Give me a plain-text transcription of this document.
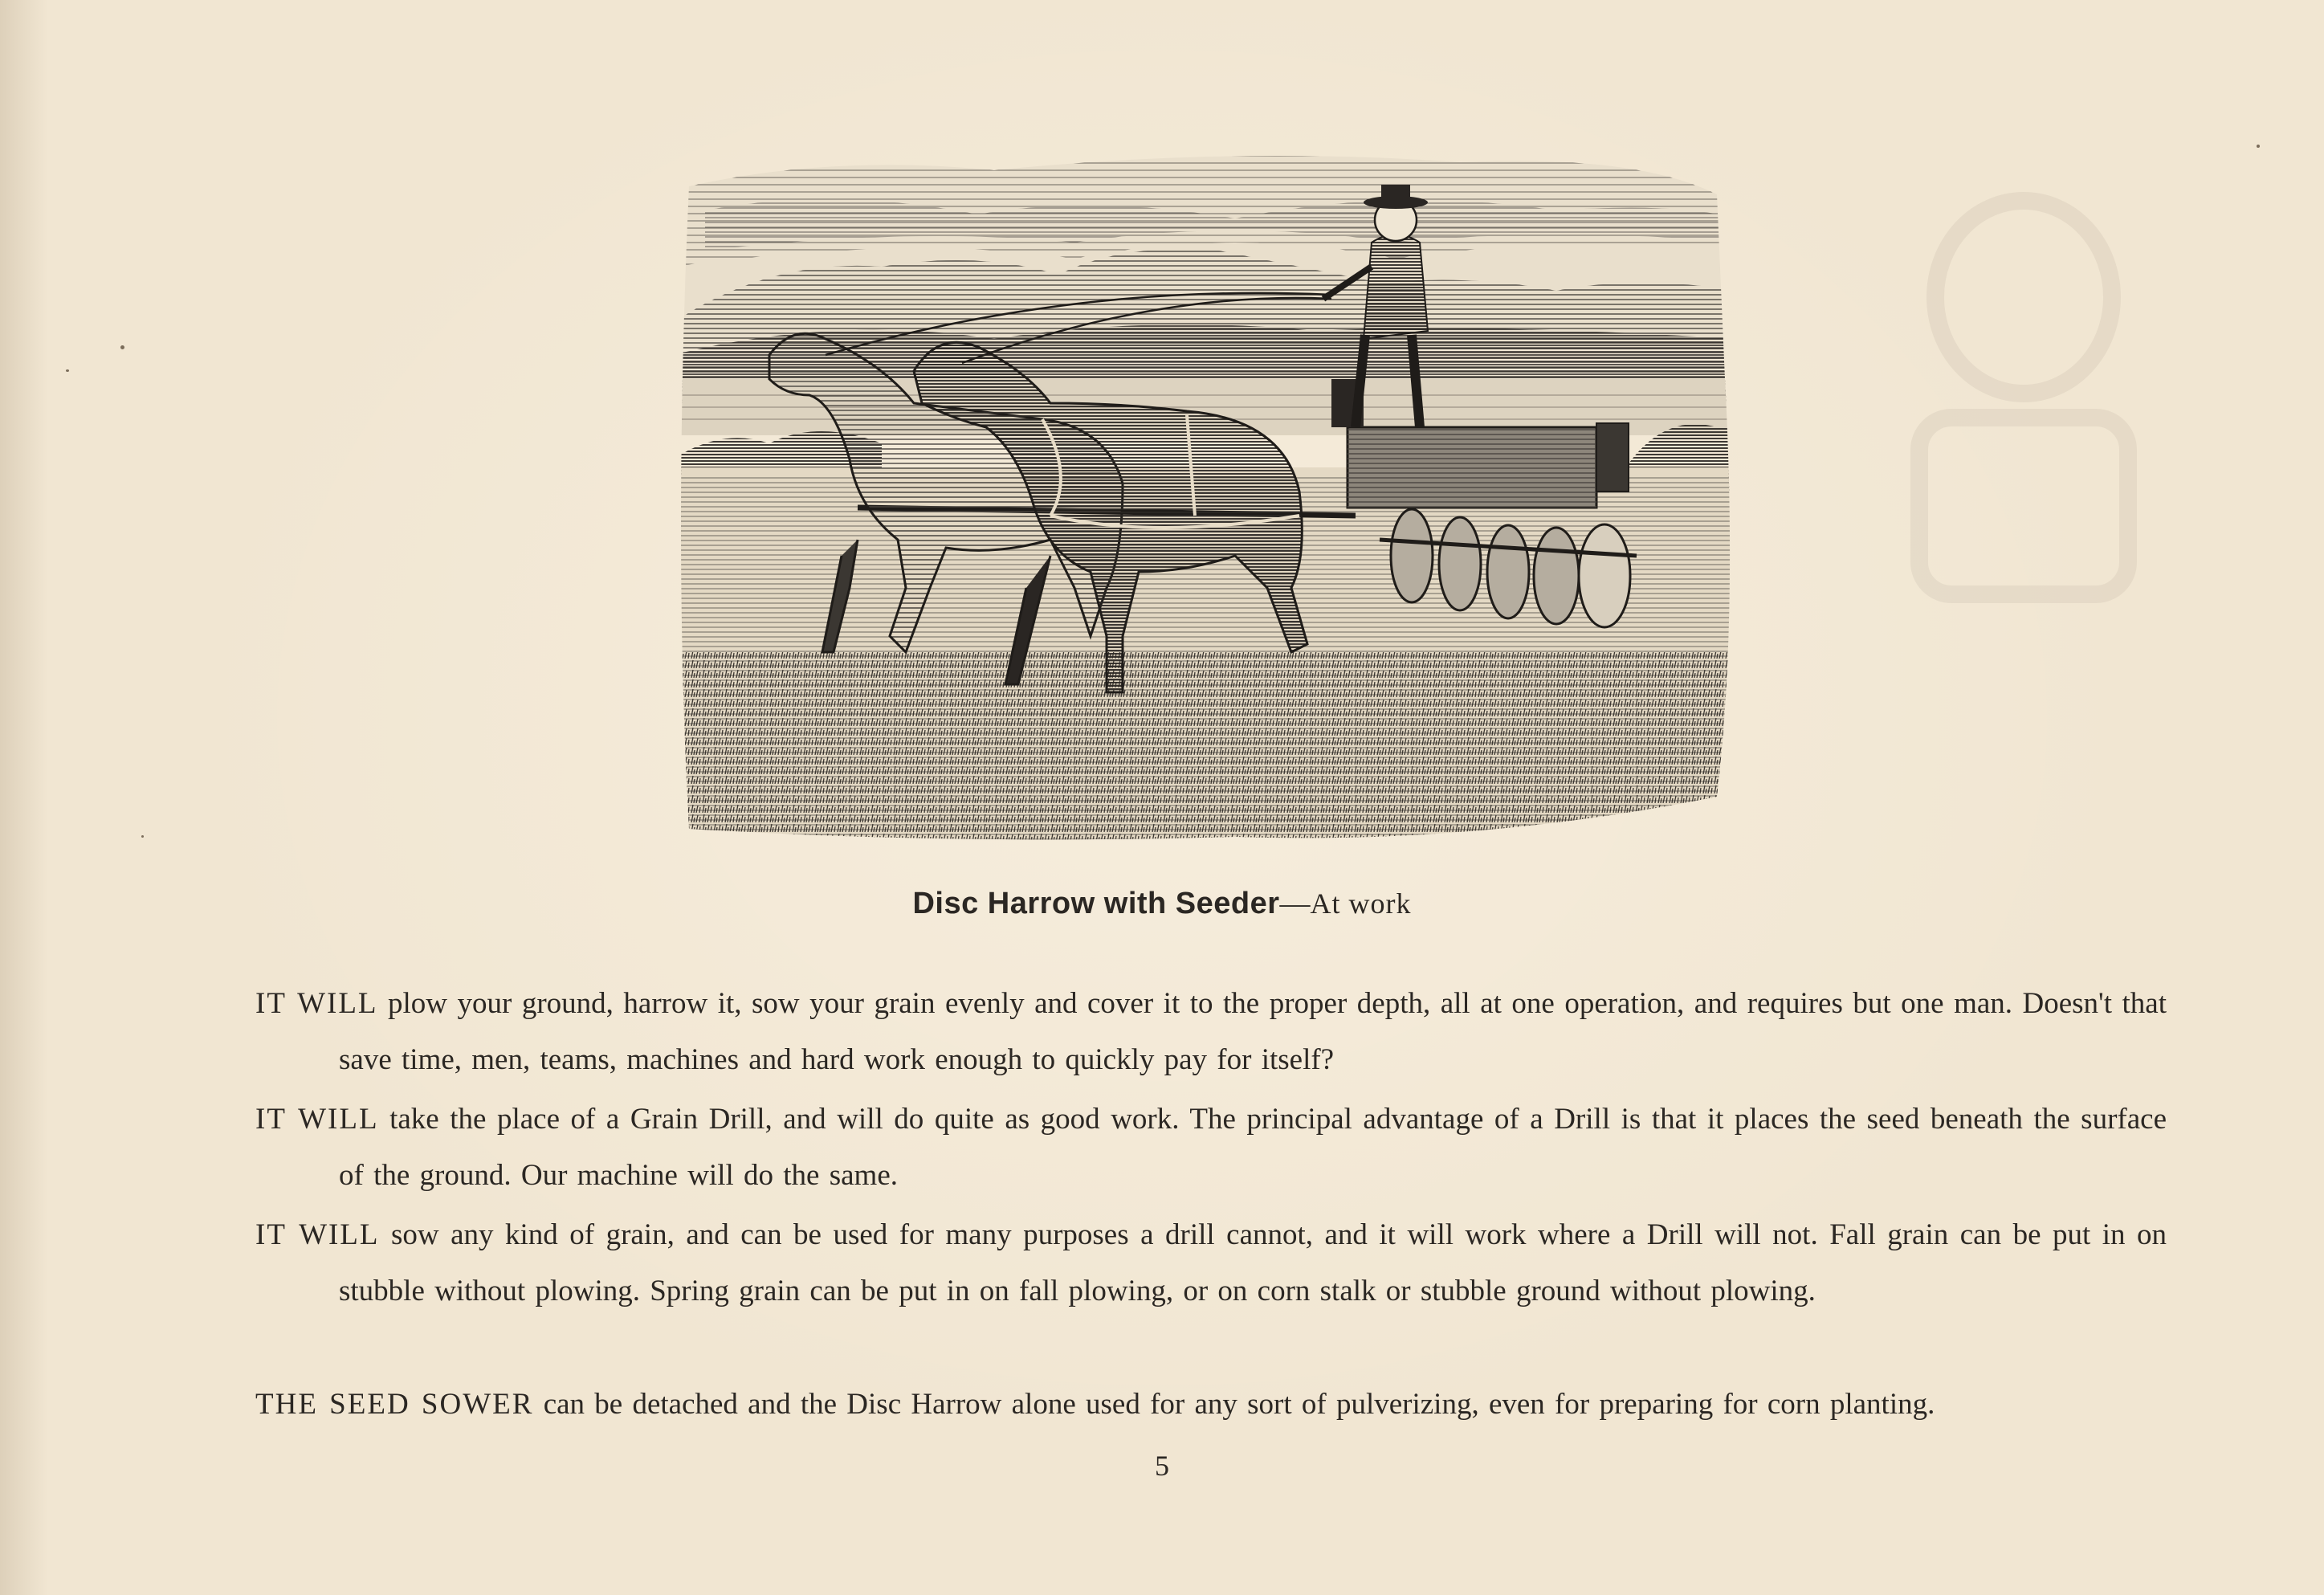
Disc Harrow with Seeder—At work

IT WILL plow your ground, harrow it, sow your grain evenly and cover it to the proper depth, all at one operation, and requires but one man. Doesn't that save time, men, teams, machines and hard work enough to quickly pay for itself?

IT WILL take the place of a Grain Drill, and will do quite as good work. The principal advantage of a Drill is that it places the seed beneath the surface of the ground. Our machine will do the same.

IT WILL sow any kind of grain, and can be used for many purposes a drill cannot, and it will work where a Drill will not. Fall grain can be put in on stubble without plowing. Spring grain can be put in on fall plowing, or on corn stalk or stubble ground without plowing.

THE SEED SOWER can be detached and the Disc Harrow alone used for any sort of pulverizing, even for preparing for corn planting.

5
